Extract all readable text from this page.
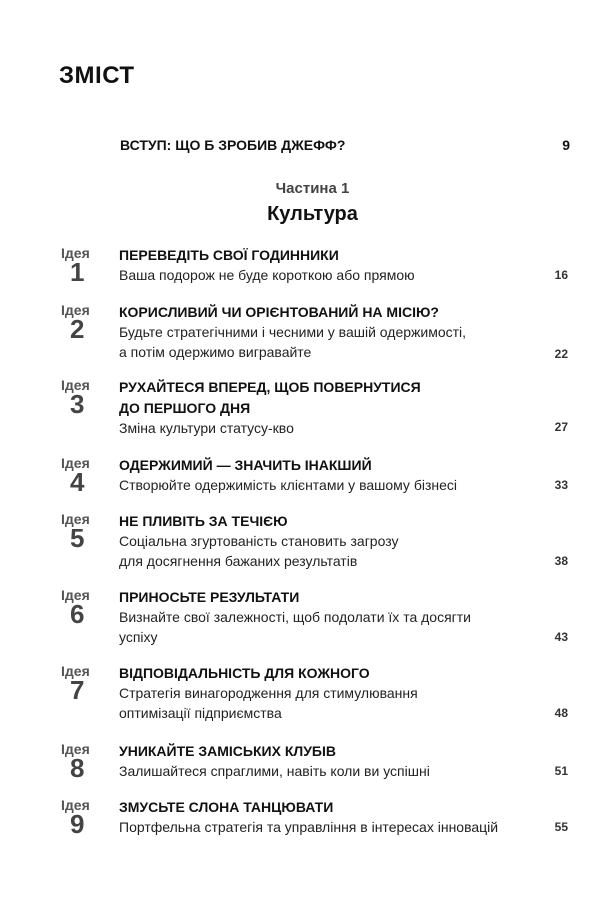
ЗМІСТ
ВСТУП: ЩО Б ЗРОБИВ ДЖЕФФ?	9
Частина 1
Культура
Ідея
1
ПЕРЕВЕДІТЬ СВОЇ ГОДИННИКИ
Ваша подорож не буде короткою або прямою	16
Ідея
2
КОРИСЛИВИЙ ЧИ ОРІЄНТОВАНИЙ НА МІСІЮ?
Будьте стратегічними і чесними у вашій одержимості,
а потім одержимо вигравайте	22
Ідея
3
РУХАЙТЕСЯ ВПЕРЕД, ЩОБ ПОВЕРНУТИСЯ
ДО ПЕРШОГО ДНЯ
Зміна культури статусу-кво	27
Ідея
4
ОДЕРЖИМИЙ — ЗНАЧИТЬ ІНАКШИЙ
Створюйте одержимість клієнтами у вашому бізнесі	33
Ідея
5
НЕ ПЛИВІТЬ ЗА ТЕЧІЄЮ
Соціальна згуртованість становить загрозу
для досягнення бажаних результатів	38
Ідея
6
ПРИНОСЬТЕ РЕЗУЛЬТАТИ
Визнайте свої залежності, щоб подолати їх та досягти
успіху	43
Ідея
7
ВІДПОВІДАЛЬНІСТЬ ДЛЯ КОЖНОГО
Стратегія винагородження для стимулювання
оптимізації підприємства	48
Ідея
8
УНИКАЙТЕ ЗАМІСЬКИХ КЛУБІВ
Залишайтеся спраглими, навіть коли ви успішні	51
Ідея
9
ЗМУСЬТЕ СЛОНА ТАНЦЮВАТИ
Портфельна стратегія та управління в інтересах інновацій	55
